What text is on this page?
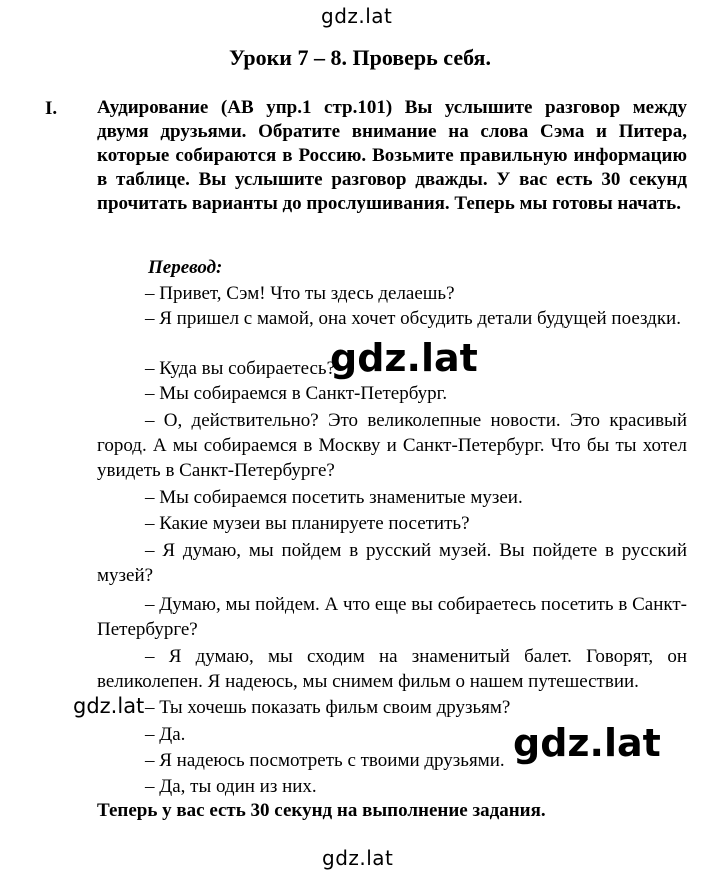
gdz.lat
Уроки 7 – 8. Проверь себя.
I. Аудирование (АВ упр.1 стр.101) Вы услышите разговор между двумя друзьями. Обратите внимание на слова Сэма и Питера, которые собираются в Россию. Возьмите правильную информацию в таблице. Вы услышите разговор дважды. У вас есть 30 секунд прочитать варианты до прослушивания. Теперь мы готовы начать.
Перевод:
– Привет, Сэм! Что ты здесь делаешь?
– Я пришел с мамой, она хочет обсудить детали будущей поездки.
– Куда вы собираетесь?
– Мы собираемся в Санкт-Петербург.
– О, действительно? Это великолепные новости. Это красивый город. А мы собираемся в Москву и Санкт-Петербург. Что бы ты хотел увидеть в Санкт-Петербурге?
– Мы собираемся посетить знаменитые музеи.
– Какие музеи вы планируете посетить?
– Я думаю, мы пойдем в русский музей. Вы пойдете в русский музей?
– Думаю, мы пойдем. А что еще вы собираетесь посетить в Санкт-Петербурге?
– Я думаю, мы сходим на знаменитый балет. Говорят, он великолепен. Я надеюсь, мы снимем фильм о нашем путешествии.
– Ты хочешь показать фильм своим друзьям?
– Да.
– Я надеюсь посмотреть с твоими друзьями.
– Да, ты один из них.
Теперь у вас есть 30 секунд на выполнение задания.
gdz.lat
gdz.lat
gdz.lat
gdz.lat
